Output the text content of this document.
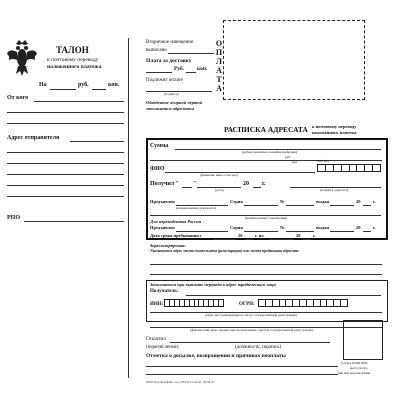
ТАЛОН
к почтовому переводу
наложенного платежа
На	руб.	коп.
От кого
Адрес отправителя
РПО
Вторичное извещение
выписано
Плата за доставку
Руб. коп.
Подлежит оплате
(подпись)
Обведенное жирной чертой
заполняется адресатом
ОПЛАТА
РАСПИСКА АДРЕСАТА к почтовому переводу
наложенного платежа
Сумма
(рубли прописью, копейки цифрами)
руб.
коп.
ФИО
(фамилия, имя, отчество)
НДС руб.
Получил " "	20 г.
(дата)	(подпись адресата)
Предъявлен	Серия	№	выдан	20	г.
(наименование документа)
(наименование учреждения)
Для нерезидентов России
Предъявлен	Серия	№	выдан	20	г.
Дата срока пребывания с	20	г. по	20	г.
Зарегистрирован:
Указывается адрес места жительства (регистрации) или места пребывания адресата
Заполняется при выплате перевода в адрес юридического лица
Получатель:
ИНН:	ОГРН:
(адрес местонахождения по месту государственной регистрации)
(фактический адрес, индекс при несовпадении с местом государственной регистрации)
Оплатил
(перечисление)	(должность, подпись)
Отметка о досылке, возвращении и причинах неоплаты
(оттиск КПШ ОПС
места получ-
ния или перечисления)
ООО «Полиграфия» тел. (3812) 61-22-97, 39-68-27
